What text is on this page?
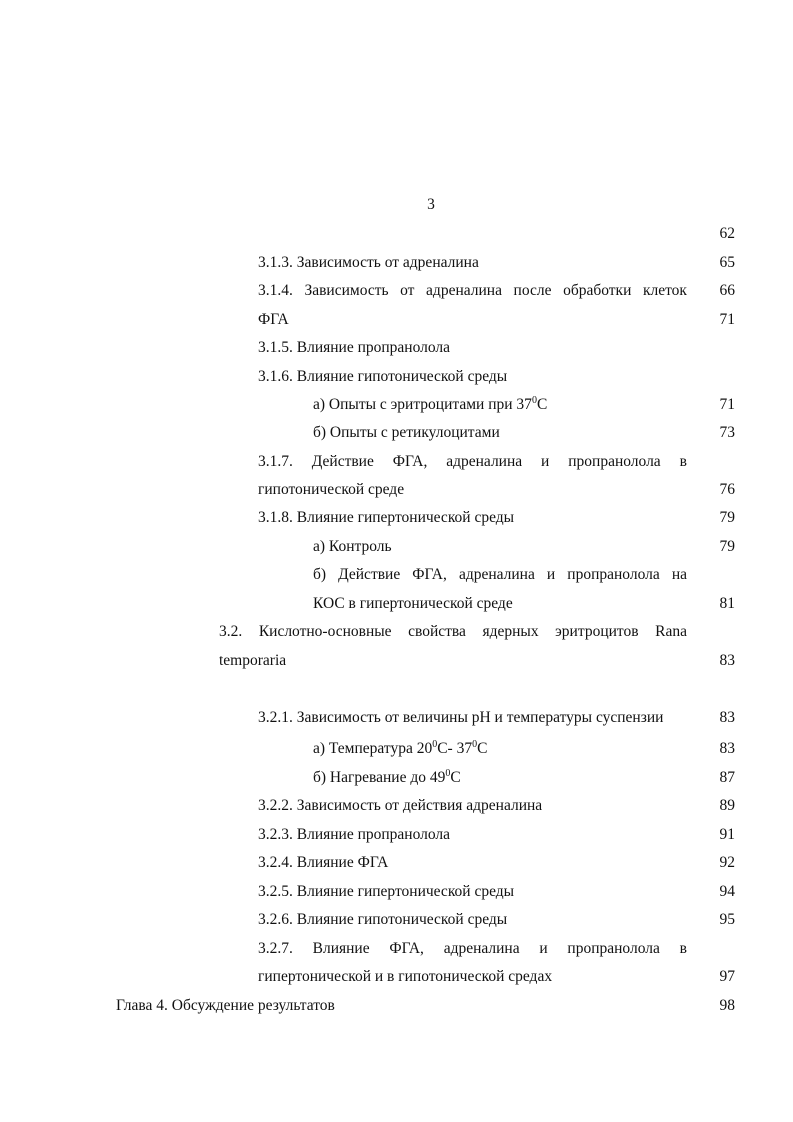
3
62
3.1.3. Зависимость от адреналина	65
3.1.4. Зависимость от адреналина после обработки клеток 66
ФГА	71
3.1.5. Влияние пропранолола
3.1.6. Влияние гипотонической среды
а) Опыты с эритроцитами при $37^0С$	71
б) Опыты с ретикулоцитами	73
3.1.7. Действие ФГА, адреналина и пропранолола в
гипотонической среде	76
3.1.8. Влияние гипертонической среды	79
а) Контроль	79
б) Действие ФГА, адреналина и пропранолола на
КОС в гипертонической среде	81
3.2. Кислотно-основные свойства ядерных эритроцитов Rana
temporaria	83
3.2.1. Зависимость от величины pH и температуры суспензии	83
а) Температура $20^0С-$ $37^0С$	83
б) Нагревание до $49^0С$	87
3.2.2. Зависимость от действия адреналина	89
3.2.3. Влияние пропранолола	91
3.2.4. Влияние ФГА	92
3.2.5. Влияние гипертонической среды	94
3.2.6. Влияние гипотонической среды	95
3.2.7. Влияние ФГА, адреналина и пропранолола в
гипертонической и в гипотонической средах	97
Глава 4. Обсуждение результатов	98
